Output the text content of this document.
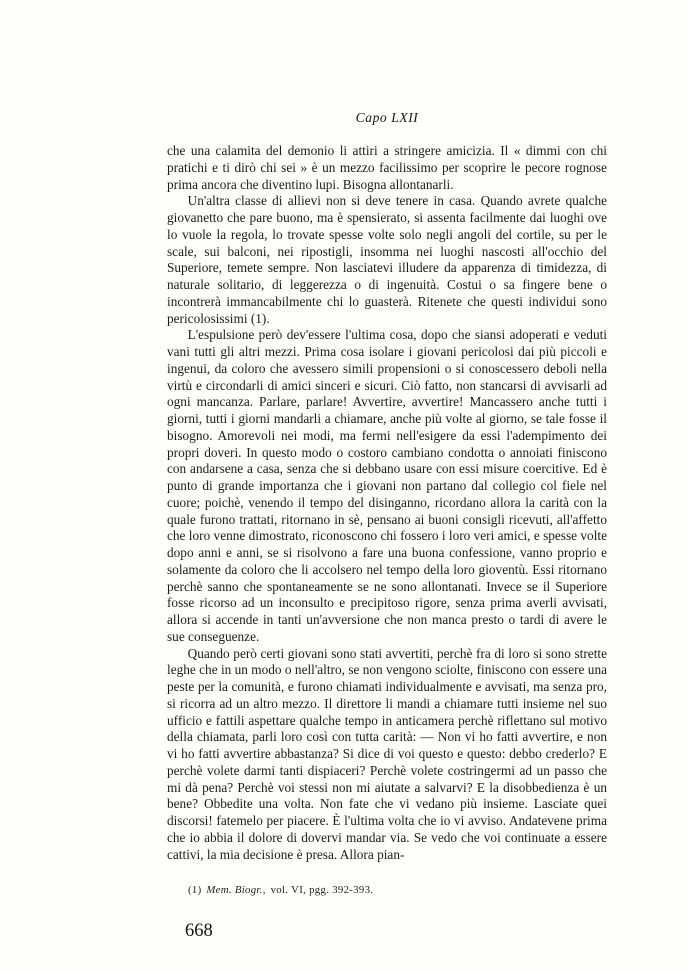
Capo LXII

che una calamita del demonio li attiri a stringere amicizia. Il « dimmi con chi pratichi e ti dirò chi sei » è un mezzo facilissimo per scoprire le pecore rognose prima ancora che diventino lupi. Bisogna allontanarli.

Un'altra classe di allievi non si deve tenere in casa. Quando avrete qualche giovanetto che pare buono, ma è spensierato, si assenta facilmente dai luoghi ove lo vuole la regola, lo trovate spesse volte solo negli angoli del cortile, su per le scale, sui balconi, nei ripostigli, insomma nei luoghi nascosti all'occhio del Superiore, temete sempre. Non lasciatevi illudere da apparenza di timidezza, di naturale solitario, di leggerezza o di ingenuità. Costui o sa fingere bene o incontrerà immancabilmente chi lo guasterà. Ritenete che questi individui sono pericolosissimi (1).

L'espulsione però dev'essere l'ultima cosa, dopo che siansi adoperati e veduti vani tutti gli altri mezzi. Prima cosa isolare i giovani pericolosi dai più piccoli e ingenui, da coloro che avessero simili propensioni o si conoscessero deboli nella virtù e circondarli di amici sinceri e sicuri. Ciò fatto, non stancarsi di avvisarli ad ogni mancanza. Parlare, parlare! Avvertire, avvertire! Mancassero anche tutti i giorni, tutti i giorni mandarli a chiamare, anche più volte al giorno, se tale fosse il bisogno. Amorevoli nei modi, ma fermi nell'esigere da essi l'adempimento dei propri doveri. In questo modo o costoro cambiano condotta o annoiati finiscono con andarsene a casa, senza che si debbano usare con essi misure coercitive. Ed è punto di grande importanza che i giovani non partano dal collegio col fiele nel cuore; poichè, venendo il tempo del disinganno, ricordano allora la carità con la quale furono trattati, ritornano in sè, pensano ai buoni consigli ricevuti, all'affetto che loro venne dimostrato, riconoscono chi fossero i loro veri amici, e spesse volte dopo anni e anni, se si risolvono a fare una buona confessione, vanno proprio e solamente da coloro che li accolsero nel tempo della loro gioventù. Essi ritornano perchè sanno che spontaneamente se ne sono allontanati. Invece se il Superiore fosse ricorso ad un inconsulto e precipitoso rigore, senza prima averli avvisati, allora si accende in tanti un'avversione che non manca presto o tardi di avere le sue conseguenze.

Quando però certi giovani sono stati avvertiti, perchè fra di loro si sono strette leghe che in un modo o nell'altro, se non vengono sciolte, finiscono con essere una peste per la comunità, e furono chiamati individualmente e avvisati, ma senza pro, si ricorra ad un altro mezzo. Il direttore li mandi a chiamare tutti insieme nel suo ufficio e fattili aspettare qualche tempo in anticamera perchè riflettano sul motivo della chiamata, parli loro così con tutta carità: — Non vi ho fatti avvertire, e non vi ho fatti avvertire abbastanza? Si dice di voi questo e questo: debbo crederlo? E perchè volete darmi tanti dispiaceri? Perchè volete costringermi ad un passo che mi dà pena? Perchè voi stessi non mi aiutate a salvarvi? E la disobbedienza è un bene? Obbedite una volta. Non fate che vi vedano più insieme. Lasciate quei discorsi! fatemelo per piacere. È l'ultima volta che io vi avviso. Andatevene prima che io abbia il dolore di dovervi mandar via. Se vedo che voi continuate a essere cattivi, la mia decisione è presa. Allora pian-

(1) Mem. Biogr., vol. VI, pgg. 392-393.
668
